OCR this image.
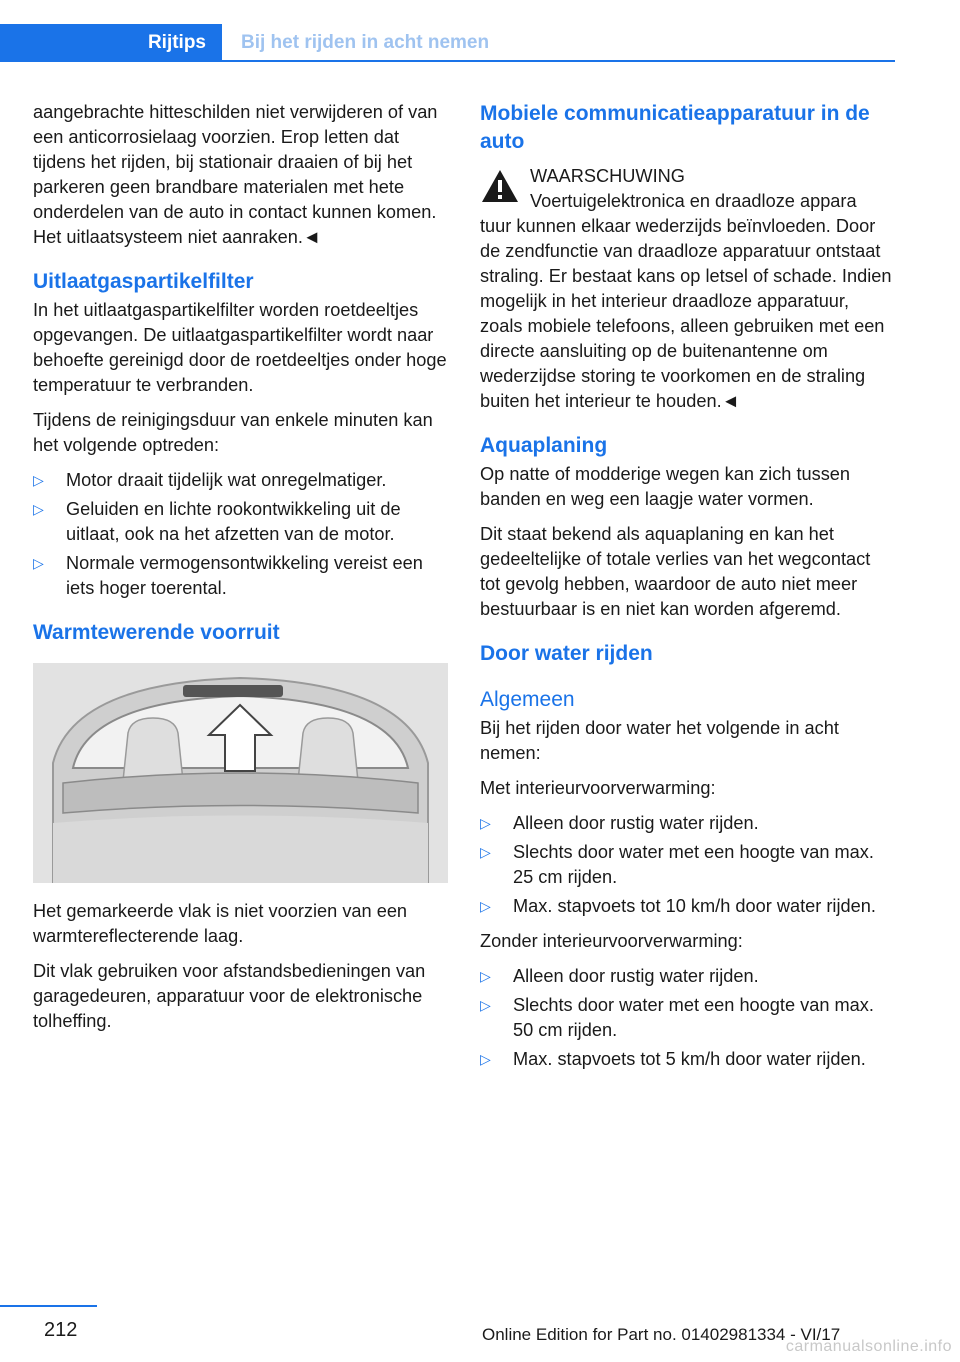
Rijtips Bij het rijden in acht nemen

aangebrachte hitteschilden niet verwijderen of van een anticorrosielaag voorzien. Erop letten dat tijdens het rijden, bij stationair draaien of bij het parkeren geen brandbare materialen met hete onderdelen van de auto in contact kunnen komen. Het uitlaatsysteem niet aanraken.◄

Uitlaatgaspartikelfilter

In het uitlaatgaspartikelfilter worden roetdeeltjes opgevangen. De uitlaatgaspartikelfilter wordt naar behoefte gereinigd door de roetdeeltjes onder hoge temperatuur te verbranden.

Tijdens de reinigingsduur van enkele minuten kan het volgende optreden:

▷ Motor draait tijdelijk wat onregelmatiger.
▷ Geluiden en lichte rookontwikkeling uit de uitlaat, ook na het afzetten van de motor.
▷ Normale vermogensontwikkeling vereist een iets hoger toerental.
Warmtewerende voorruit

Het gemarkeerde vlak is niet voorzien van een warmtereflecterende laag.

Dit vlak gebruiken voor afstandsbedieningen van garagedeuren, apparatuur voor de elektronische tolheffing.

Mobiele communicatieapparatuur in de auto
WAARSCHUWING
Voertuigelektronica en draadloze appara
tuur kunnen elkaar wederzijds beïnvloeden. Door de zendfunctie van draadloze apparatuur ontstaat straling. Er bestaat kans op letsel of schade. Indien mogelijk in het interieur draadloze apparatuur, zoals mobiele telefoons, alleen gebruiken met een directe aansluiting op de buitenantenne om wederzijdse storing te voorkomen en de straling buiten het interieur te houden.◄
Aquaplaning

Op natte of modderige wegen kan zich tussen banden en weg een laagje water vormen.

Dit staat bekend als aquaplaning en kan het gedeeltelijke of totale verlies van het wegcontact tot gevolg hebben, waardoor de auto niet meer bestuurbaar is en niet kan worden afgeremd.

Door water rijden
Algemeen

Bij het rijden door water het volgende in acht nemen:

Met interieurvoorverwarming:

▷ Alleen door rustig water rijden.
▷ Slechts door water met een hoogte van max. 25 cm rijden.
▷ Max. stapvoets tot 10 km/h door water rijden.

Zonder interieurvoorverwarming:

▷ Alleen door rustig water rijden.
▷ Slechts door water met een hoogte van max. 50 cm rijden.
▷ Max. stapvoets tot 5 km/h door water rijden.
212	Online Edition for Part no. 01402981334 - VI/17
carmanualsonline.info
